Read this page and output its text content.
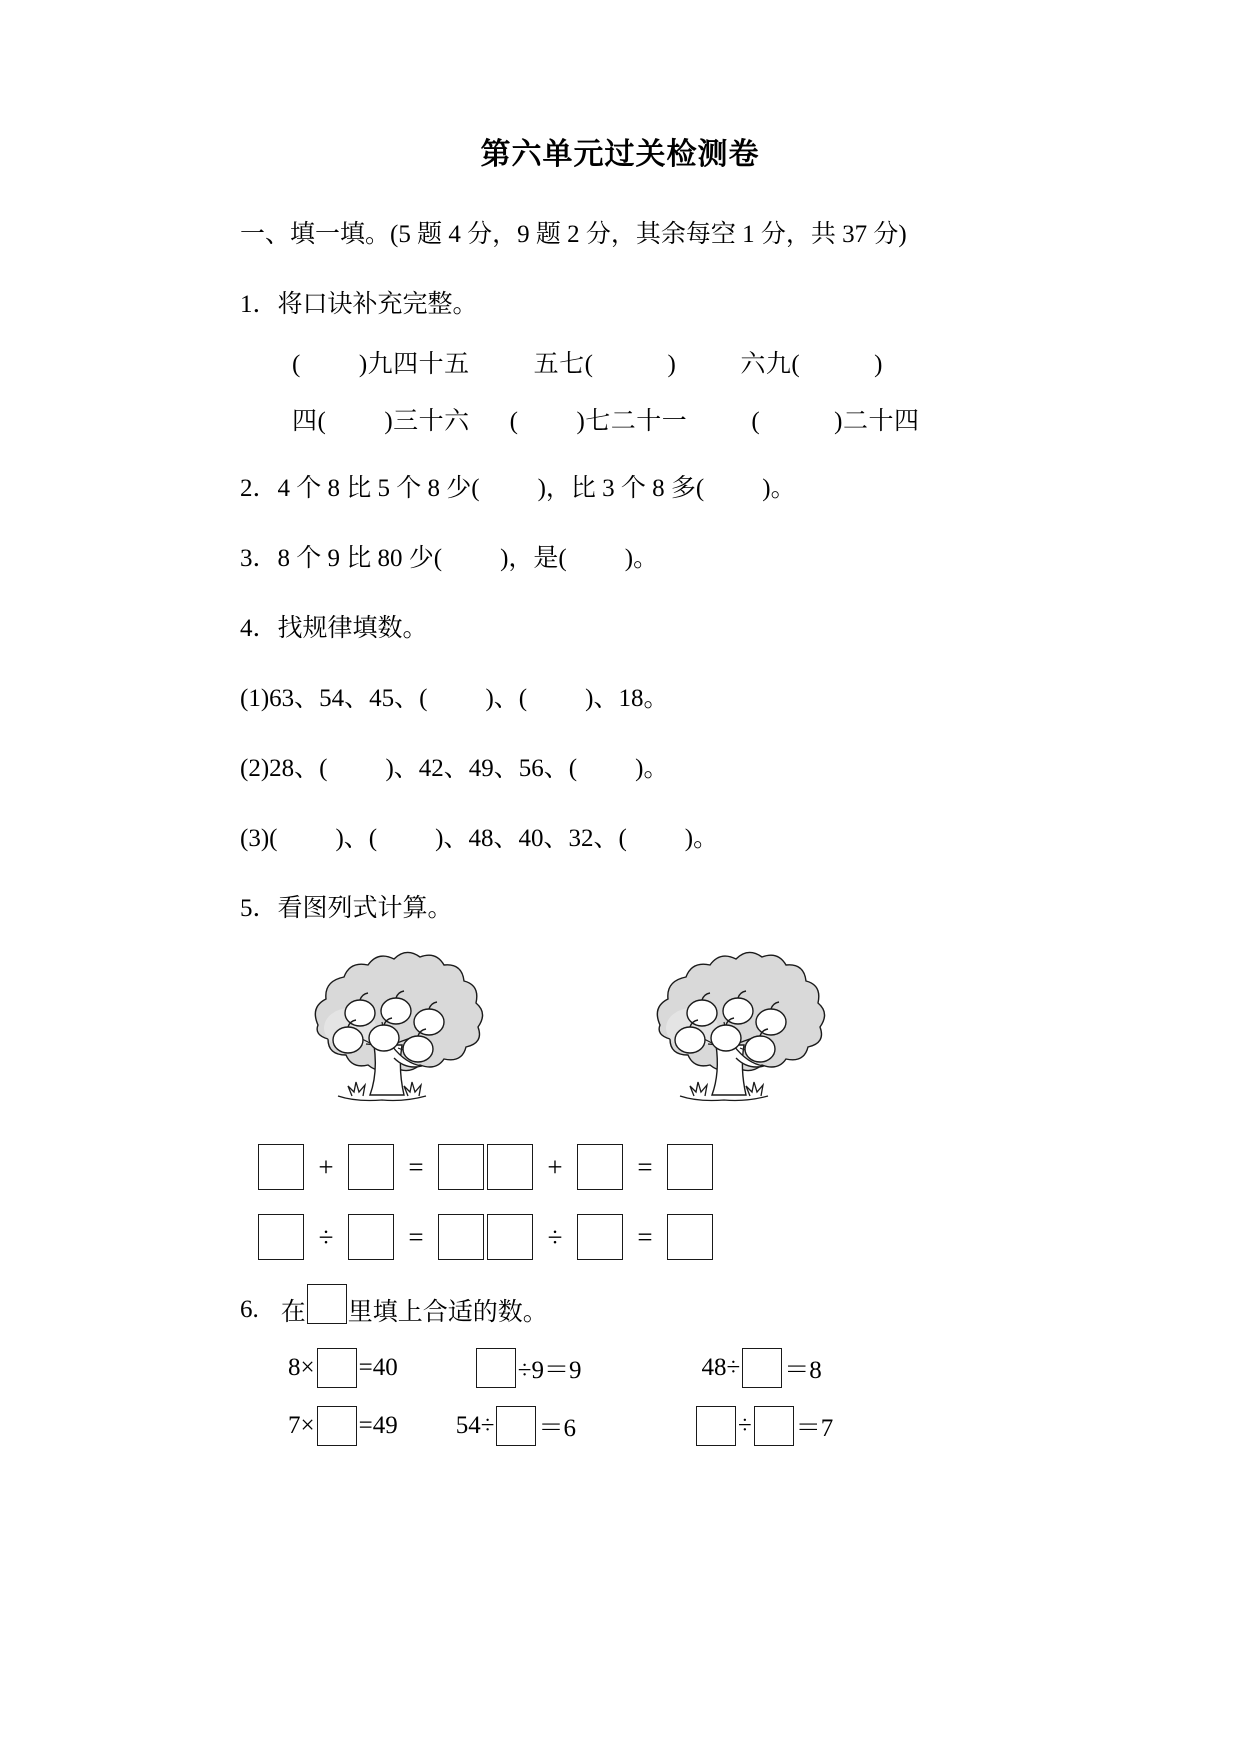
第六单元过关检测卷
一、填一填。(5 题 4 分，9 题 2 分，其余每空 1 分，共 37 分)
1．将口诀补充完整。
( )九四十五	五七(	)	六九(	)
四( )三十六 ( )七二十一	(	)二十四
2．4 个 8 比 5 个 8 少( )，比 3 个 8 多( )。
3．8 个 9 比 80 少( )，是( )。
4．找规律填数。
(1)63、54、45、( )、( )、18。
(2)28、( )、42、49、56、( )。
(3)( )、( )、48、40、32、( )。
5．看图列式计算。
+	=	+	=
÷	=	÷	=
6. 在 里填上合适的数。
8× =40	÷9＝9	48÷ ＝8
7× =49 54÷ ＝6	÷ ＝7
